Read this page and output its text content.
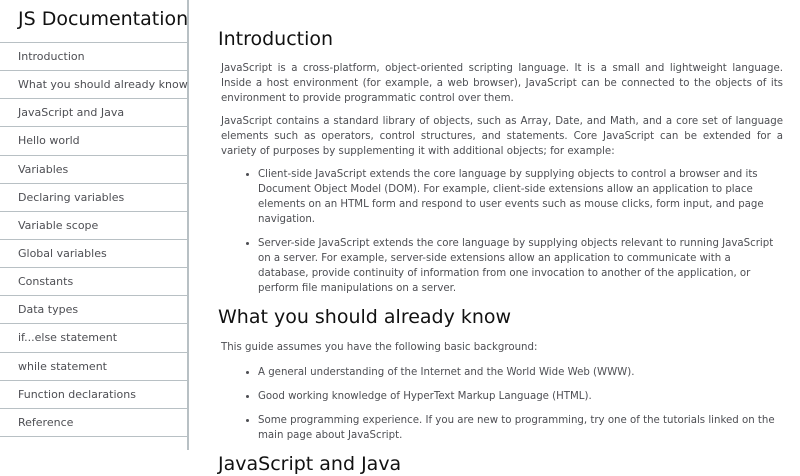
JS Documentation
Introduction
What you should already know
JavaScript and Java
Hello world
Variables
Declaring variables
Variable scope
Global variables
Constants
Data types
if...else statement
while statement
Function declarations
Reference
Introduction

JavaScript is a cross-platform, object-oriented scripting language. It is a small and lightweight language. Inside a host environment (for example, a web browser), JavaScript can be connected to the objects of its environment to provide programmatic control over them.

JavaScript contains a standard library of objects, such as Array, Date, and Math, and a core set of language elements such as operators, control structures, and statements. Core JavaScript can be extended for a variety of purposes by supplementing it with additional objects; for example:

• Client-side JavaScript extends the core language by supplying objects to control a browser and its Document Object Model (DOM). For example, client-side extensions allow an application to place elements on an HTML form and respond to user events such as mouse clicks, form input, and page navigation.
• Server-side JavaScript extends the core language by supplying objects relevant to running JavaScript on a server. For example, server-side extensions allow an application to communicate with a database, provide continuity of information from one invocation to another of the application, or perform file manipulations on a server.
What you should already know

This guide assumes you have the following basic background:

• A general understanding of the Internet and the World Wide Web (WWW).
• Good working knowledge of HyperText Markup Language (HTML).
• Some programming experience. If you are new to programming, try one of the tutorials linked on the main page about JavaScript.
JavaScript and Java
